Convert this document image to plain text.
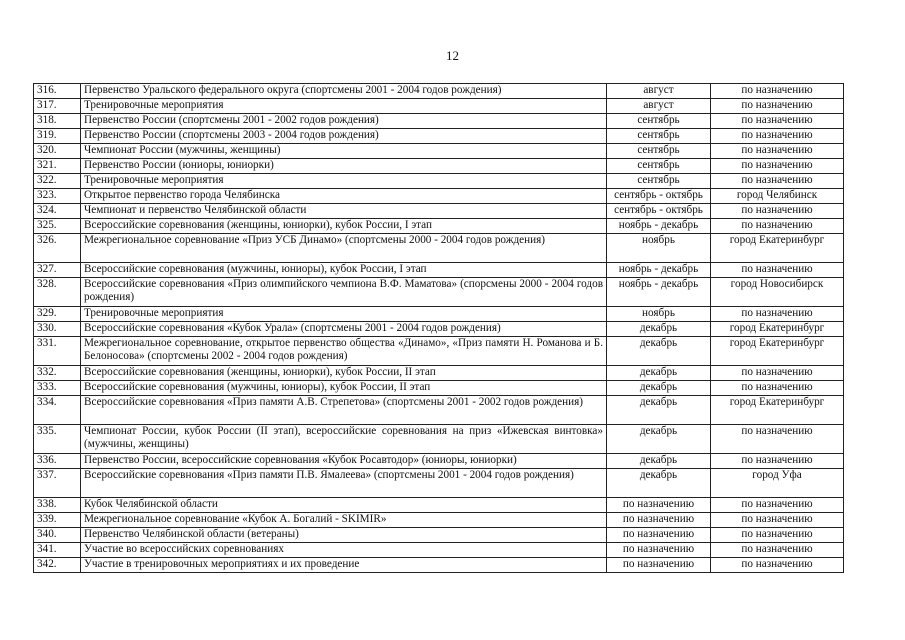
12
316.	Первенство Уральского федерального округа (спортсмены 2001 - 2004 годов рождения)	август	по назначению
317.	Тренировочные мероприятия	август	по назначению
318.	Первенство России (спортсмены 2001 - 2002 годов рождения)	сентябрь	по назначению
319.	Первенство России (спортсмены 2003 - 2004 годов рождения)	сентябрь	по назначению
320.	Чемпионат России (мужчины, женщины)	сентябрь	по назначению
321.	Первенство России (юниоры, юниорки)	сентябрь	по назначению
322.	Тренировочные мероприятия	сентябрь	по назначению
323.	Открытое первенство города Челябинска	сентябрь - октябрь	город Челябинск
324.	Чемпионат и первенство Челябинской области	сентябрь - октябрь	по назначению
325.	Всероссийские соревнования (женщины, юниорки), кубок России, I этап	ноябрь - декабрь	по назначению
326.	Межрегиональное соревнование «Приз УСБ Динамо» (спортсмены 2000 - 2004 годов рождения)	ноябрь	город Екатеринбург
327.	Всероссийские соревнования (мужчины, юниоры), кубок России, I этап	ноябрь - декабрь	по назначению
328.	Всероссийские соревнования «Приз олимпийского чемпиона В.Ф. Маматова» (спорсмены 2000 - 2004 годов рождения)	ноябрь - декабрь	город Новосибирск
329.	Тренировочные мероприятия	ноябрь	по назначению
330.	Всероссийские соревнования «Кубок Урала» (спортсмены 2001 - 2004 годов рождения)	декабрь	город Екатеринбург
331.	Межрегиональное соревнование, открытое первенство общества «Динамо», «Приз памяти Н. Романова и Б. Белоносова» (спортсмены 2002 - 2004 годов рождения)	декабрь	город Екатеринбург
332.	Всероссийские соревнования (женщины, юниорки), кубок России, II этап	декабрь	по назначению
333.	Всероссийские соревнования (мужчины, юниоры), кубок России, II этап	декабрь	по назначению
334.	Всероссийские соревнования «Приз памяти А.В. Стрепетова» (спортсмены 2001 - 2002 годов рождения)	декабрь	город Екатеринбург
335.	Чемпионат России, кубок России (II этап), всероссийские соревнования на приз «Ижевская винтовка» (мужчины, женщины)	декабрь	по назначению
336.	Первенство России, всероссийские соревнования «Кубок Росавтодор» (юниоры, юниорки)	декабрь	по назначению
337.	Всероссийские соревнования «Приз памяти П.В. Ямалеева» (спортсмены 2001 - 2004 годов рождения)	декабрь	город Уфа
338.	Кубок Челябинской области	по назначению	по назначению
339.	Межрегиональное соревнование «Кубок А. Богалий - SKIMIR»	по назначению	по назначению
340.	Первенство Челябинской области (ветераны)	по назначению	по назначению
341.	Участие во всероссийских соревнованиях	по назначению	по назначению
342.	Участие в тренировочных мероприятиях и их проведение	по назначению	по назначению
